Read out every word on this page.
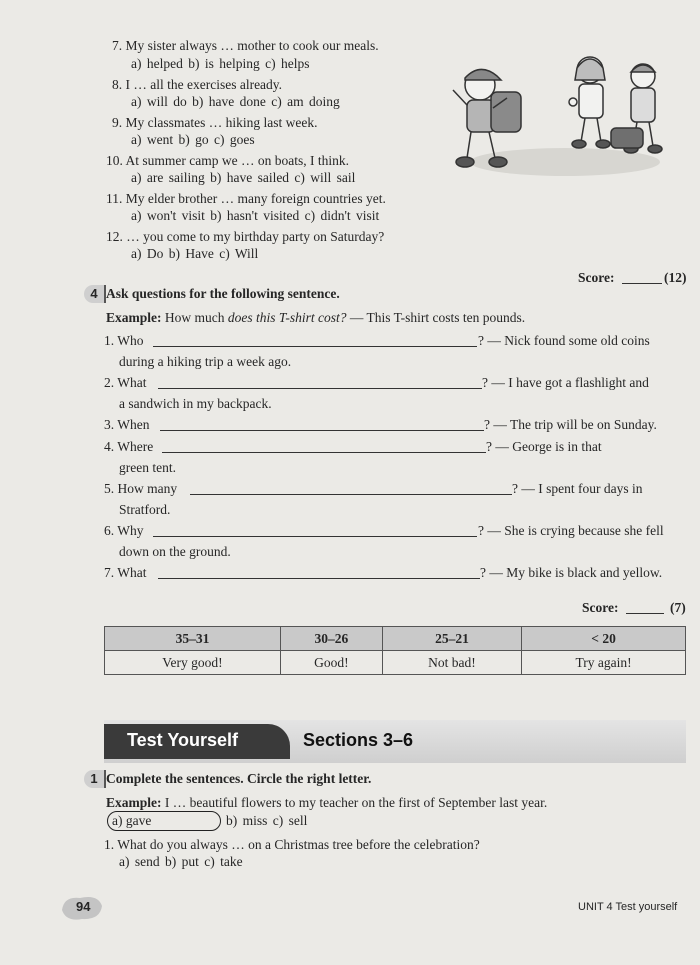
7. My sister always … mother to cook our meals.
a) helped b) is helping c) helps
8. I … all the exercises already.
a) will do b) have done c) am doing
9. My classmates … hiking last week.
a) went b) go c) goes
10. At summer camp we … on boats, I think.
a) are sailing b) have sailed c) will sail
11. My elder brother … many foreign countries yet.
a) won't visit b) hasn't visited c) didn't visit
12. … you come to my birthday party on Saturday?
a) Do b) Have c) Will
Score:	(12)
4 Ask questions for the following sentence.
Example: How much does this T-shirt cost? — This T-shirt costs ten pounds.
1. Who	? — Nick found some old coins
during a hiking trip a week ago.
2. What	? — I have got a flashlight and
a sandwich in my backpack.
3. When	? — The trip will be on Sunday.
4. Where	? — George is in that
green tent.
5. How many	? — I spent four days in
Stratford.
6. Why	? — She is crying because she fell
down on the ground.
7. What	? — My bike is black and yellow.
Score:	(7)
35–31	30–26	25–21	< 20
Very good!	Good!	Not bad!	Try again!
Test Yourself	Sections 3–6
1 Complete the sentences. Circle the right letter.
Example: I … beautiful flowers to my teacher on the first of September last year.
a) gave	b) miss c) sell
1. What do you always … on a Christmas tree before the celebration?
a) send b) put c) take
94	UNIT 4 Test yourself
